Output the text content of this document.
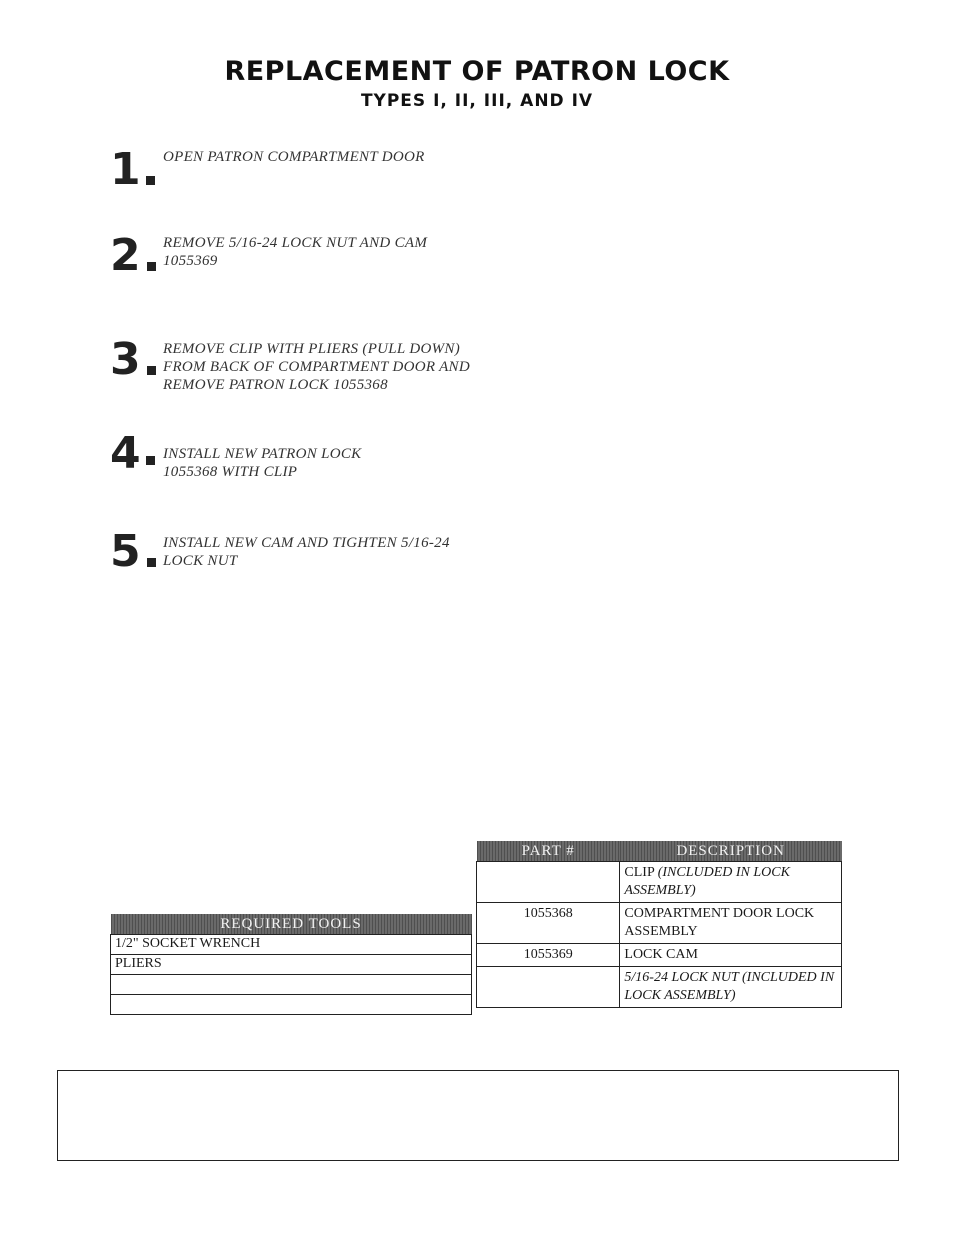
REPLACEMENT OF PATRON LOCK
TYPES I, II, III, AND IV
1 OPEN PATRON COMPARTMENT DOOR
2 REMOVE 5/16-24 LOCK NUT AND CAM 1055369
3 REMOVE CLIP WITH PLIERS (PULL DOWN) FROM BACK OF COMPARTMENT DOOR AND REMOVE PATRON LOCK 1055368
4 INSTALL NEW PATRON LOCK 1055368 WITH CLIP
5 INSTALL NEW CAM AND TIGHTEN 5/16-24 LOCK NUT
REQUIRED TOOLS
1/2" SOCKET WRENCH
PLIERS

PART #	DESCRIPTION
	CLIP (INCLUDED IN LOCK ASSEMBLY)
1055368	COMPARTMENT DOOR LOCK ASSEMBLY
1055369	LOCK CAM
	5/16-24 LOCK NUT (INCLUDED IN LOCK ASSEMBLY)
